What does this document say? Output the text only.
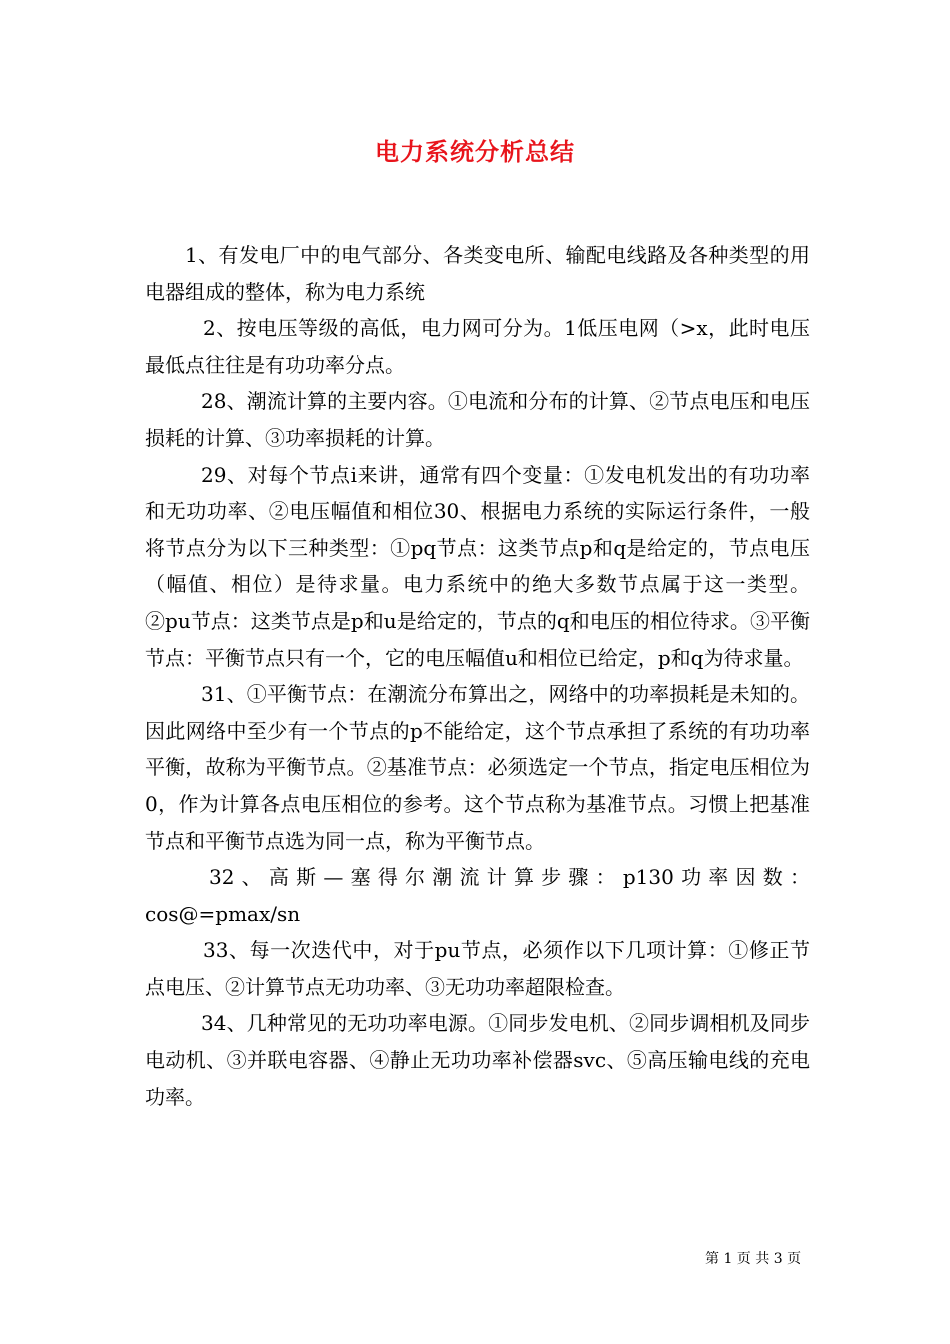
电力系统分析总结

1、有发电厂中的电气部分、各类变电所、输配电线路及各种类型的用电器组成的整体，称为电力系统

2、按电压等级的高低，电力网可分为。1低压电网（>x，此时电压最低点往往是有功功率分点。

28、潮流计算的主要内容。①电流和分布的计算、②节点电压和电压损耗的计算、③功率损耗的计算。

29、对每个节点i来讲，通常有四个变量：①发电机发出的有功功率和无功功率、②电压幅值和相位30、根据电力系统的实际运行条件，一般将节点分为以下三种类型：①pq节点：这类节点p和q是给定的，节点电压（幅值、相位）是待求量。电力系统中的绝大多数节点属于这一类型。②pu节点：这类节点是p和u是给定的，节点的q和电压的相位待求。③平衡节点：平衡节点只有一个，它的电压幅值u和相位已给定，p和q为待求量。

31、①平衡节点：在潮流分布算出之，网络中的功率损耗是未知的。因此网络中至少有一个节点的p不能给定，这个节点承担了系统的有功功率平衡，故称为平衡节点。②基准节点：必须选定一个节点，指定电压相位为0，作为计算各点电压相位的参考。这个节点称为基准节点。习惯上把基准节点和平衡节点选为同一点，称为平衡节点。

32、高斯—塞得尔潮流计算步骤：p130功率因数：cos@=pmax/sn

33、每一次迭代中，对于pu节点，必须作以下几项计算：①修正节点电压、②计算节点无功功率、③无功功率超限检查。

34、几种常见的无功功率电源。①同步发电机、②同步调相机及同步电动机、③并联电容器、④静止无功功率补偿器svc、⑤高压输电线的充电功率。

第 1 页 共 3 页
